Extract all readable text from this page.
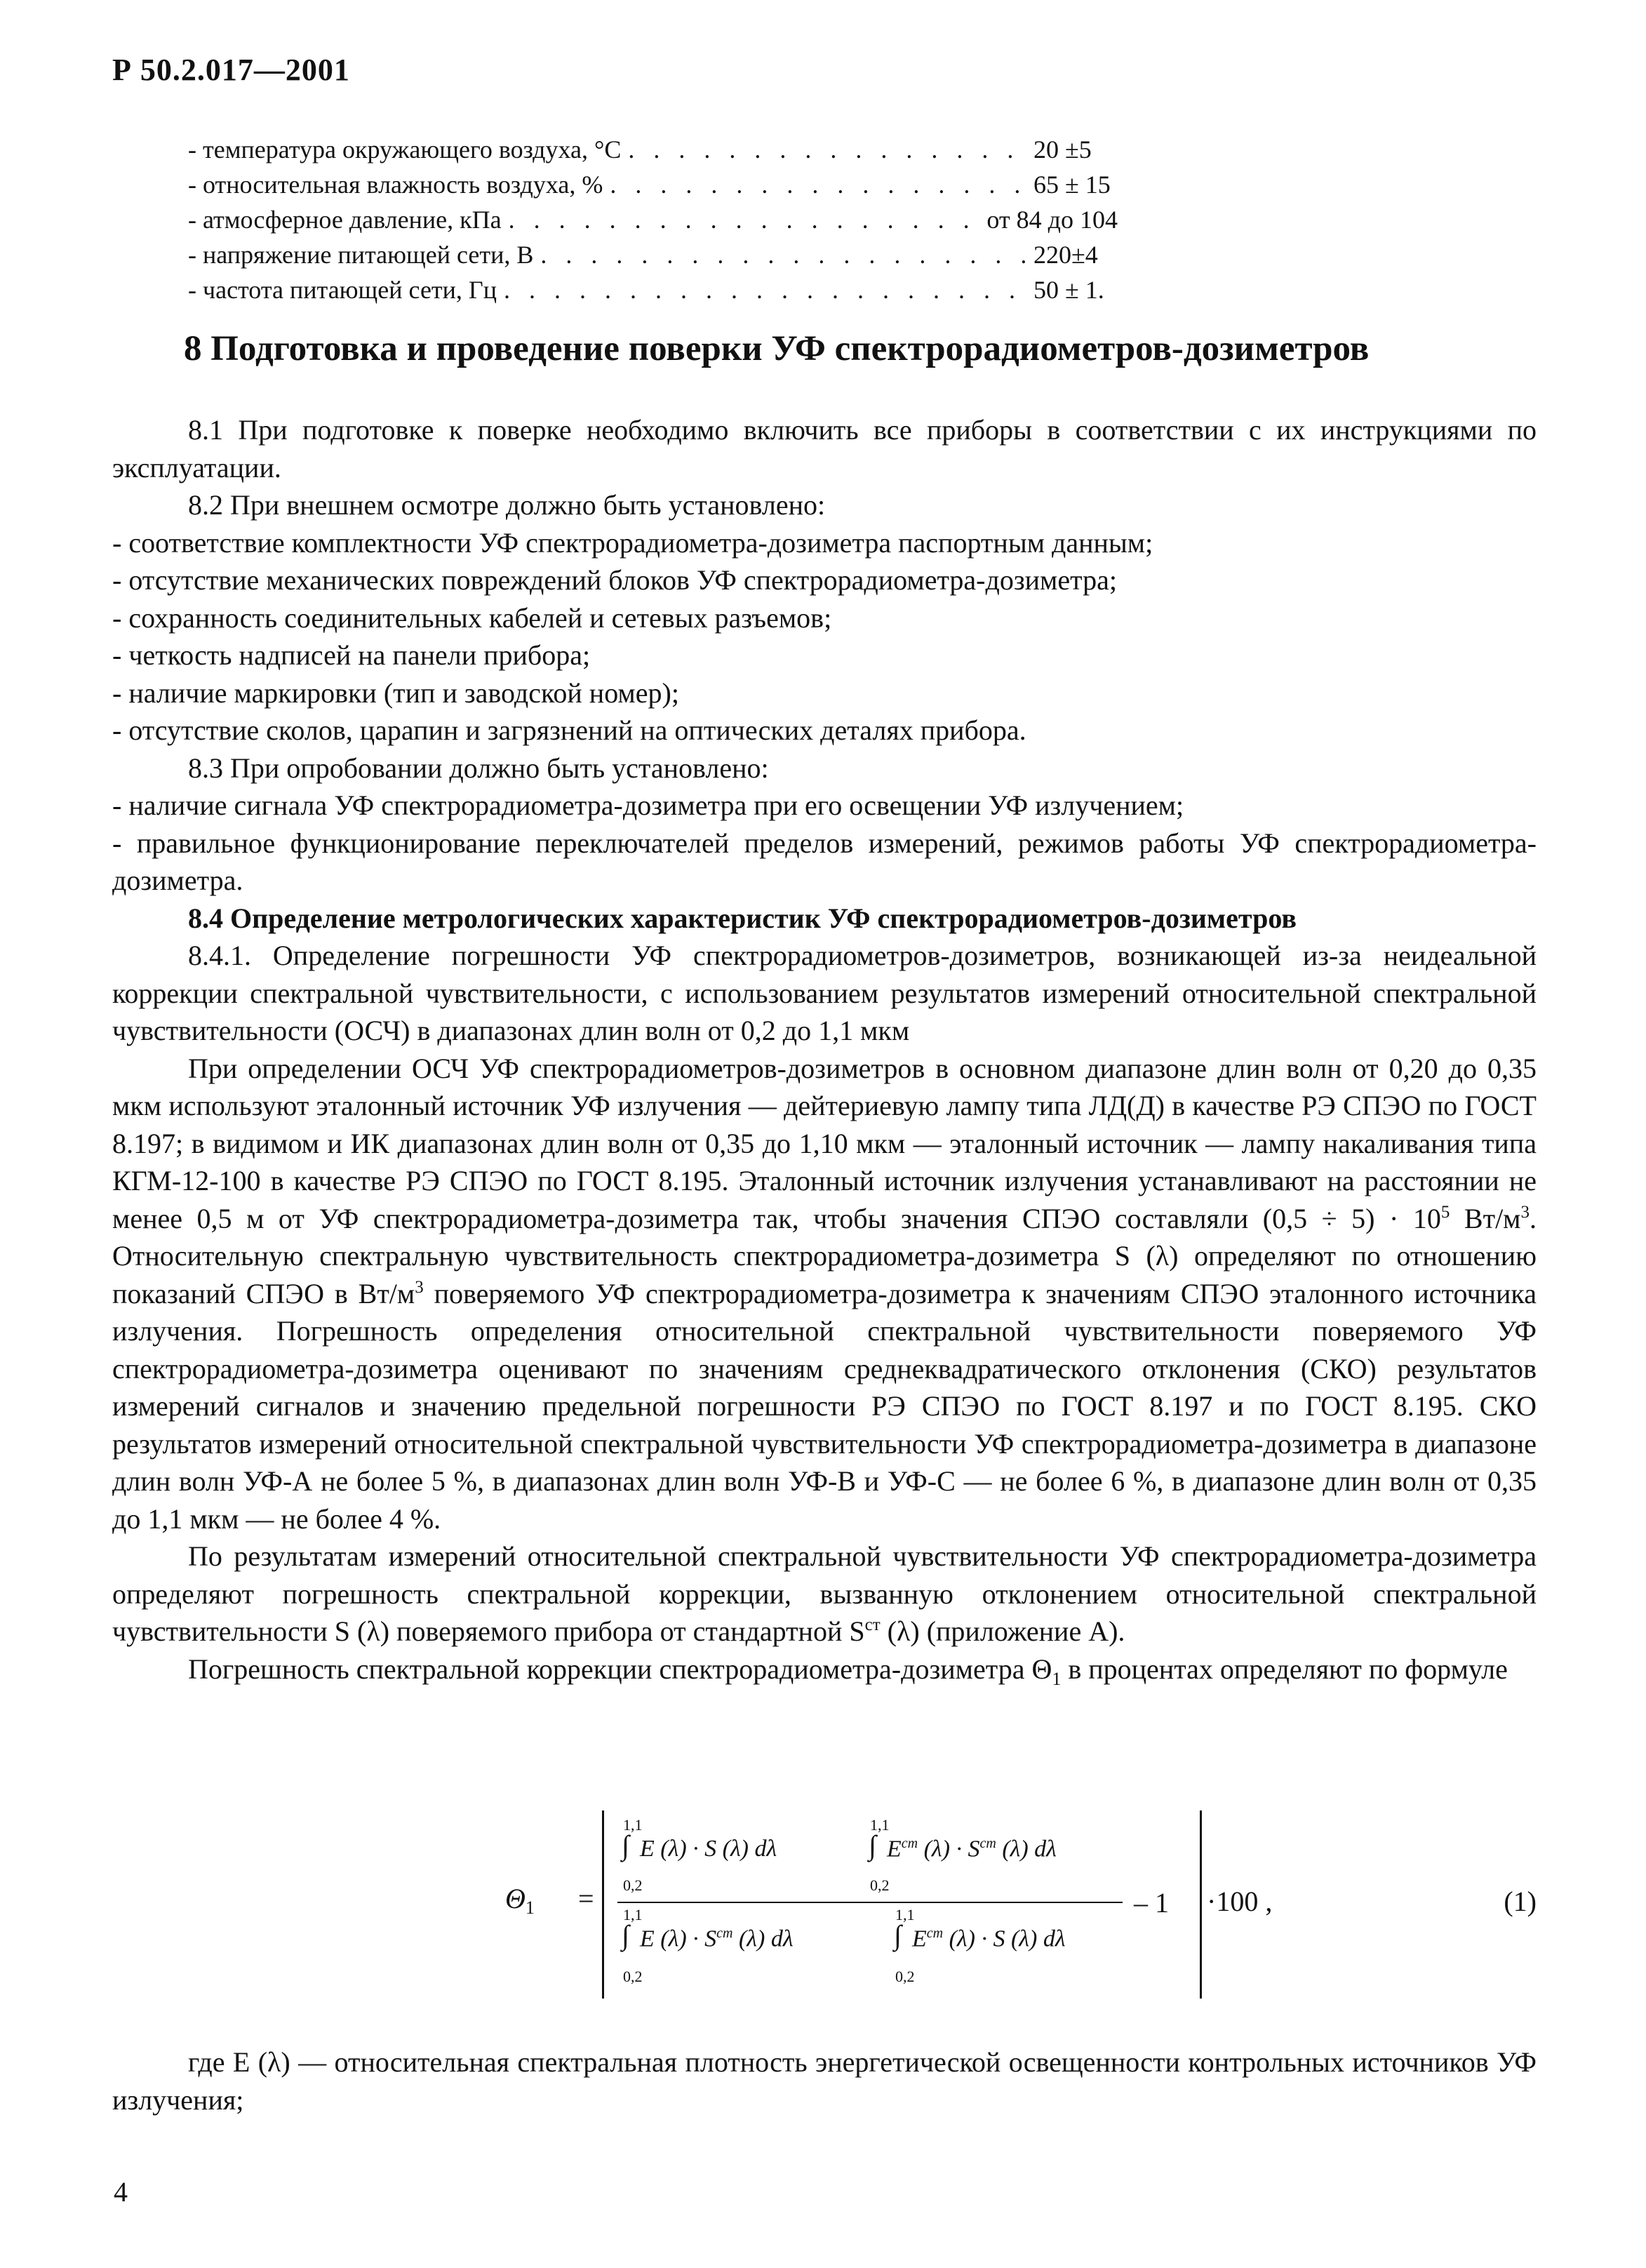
Р 50.2.017—2001
- температура окружающего воздуха, °С . . .	20 ±5
- относительная влажность воздуха, % . . .	65 ± 15
- атмосферное давление, кПа . . .	от 84 до 104
- напряжение питающей сети, В . . .	220±4
- частота питающей сети, Гц . . .	50 ± 1.
8 Подготовка и проведение поверки УФ спектрорадиометров-дозиметров

8.1 При подготовке к поверке необходимо включить все приборы в соответствии с их инструкциями по эксплуатации.

8.2 При внешнем осмотре должно быть установлено:

- соответствие комплектности УФ спектрорадиометра-дозиметра паспортным данным;

- отсутствие механических повреждений блоков УФ спектрорадиометра-дозиметра;

- сохранность соединительных кабелей и сетевых разъемов;

- четкость надписей на панели прибора;

- наличие маркировки (тип и заводской номер);

- отсутствие сколов, царапин и загрязнений на оптических деталях прибора.

8.3 При опробовании должно быть установлено:

- наличие сигнала УФ спектрорадиометра-дозиметра при его освещении УФ излучением;

- правильное функционирование переключателей пределов измерений, режимов работы УФ спектрорадиометра-дозиметра.

8.4 Определение метрологических характеристик УФ спектрорадиометров-дозиметров

8.4.1. Определение погрешности УФ спектрорадиометров-дозиметров, возникающей из-за неидеальной коррекции спектральной чувствительности, с использованием результатов измерений относительной спектральной чувствительности (ОСЧ) в диапазонах длин волн от 0,2 до 1,1 мкм

При определении ОСЧ УФ спектрорадиометров-дозиметров в основном диапазоне длин волн от 0,20 до 0,35 мкм используют эталонный источник УФ излучения — дейтериевую лампу типа ЛД(Д) в качестве РЭ СПЭО по ГОСТ 8.197; в видимом и ИК диапазонах длин волн от 0,35 до 1,10 мкм — эталонный источник — лампу накаливания типа КГМ-12-100 в качестве РЭ СПЭО по ГОСТ 8.195. Эталонный источник излучения устанавливают на расстоянии не менее 0,5 м от УФ спектрорадиометра-дозиметра так, чтобы значения СПЭО составляли $(0,5 \div 5) \cdot 10^5$ $Вт/м^3$. Относительную спектральную чувствительность спектрорадиометра-дозиметра S (λ) определяют по отношению показаний СПЭО в $Вт/м^3$ поверяемого УФ спектрорадиометра-дозиметра к значениям СПЭО эталонного источника излучения. Погрешность определения относительной спектральной чувствительности поверяемого УФ спектрорадиометра-дозиметра оценивают по значениям среднеквадратического отклонения (СКО) результатов измерений сигналов и значению предельной погрешности РЭ СПЭО по ГОСТ 8.197 и по ГОСТ 8.195. СКО результатов измерений относительной спектральной чувствительности УФ спектрорадиометра-дозиметра в диапазоне длин волн УФ-А не более 5 %, в диапазонах длин волн УФ-В и УФ-С — не более 6 %, в диапазоне длин волн от 0,35 до 1,1 мкм — не более 4 %.

По результатам измерений относительной спектральной чувствительности УФ спектрорадиометра-дозиметра определяют погрешность спектральной коррекции, вызванную отклонением относительной спектральной чувствительности S (λ) поверяемого прибора от стандартной $S^{ст}$ (λ) (приложение А).

Погрешность спектральной коррекции спектрорадиометра-дозиметра $\Theta_1$ в процентах определяют по формуле

$\Theta_1$ =
1,1
∫ E (λ) · S (λ) dλ
0,2
1,1
∫ $E^{ст}$ $(\lambda) \cdot S^{ст}$ (λ) dλ
0,2
1,1
∫ E $(\lambda) \cdot S^{ст}$ (λ) dλ
0,2
1,1
∫ $E^{ст}$ (λ) · S (λ) dλ
0,2
– 1 ·100 ,	(1)

где E (λ) — относительная спектральная плотность энергетической освещенности контрольных источников УФ излучения;

4
